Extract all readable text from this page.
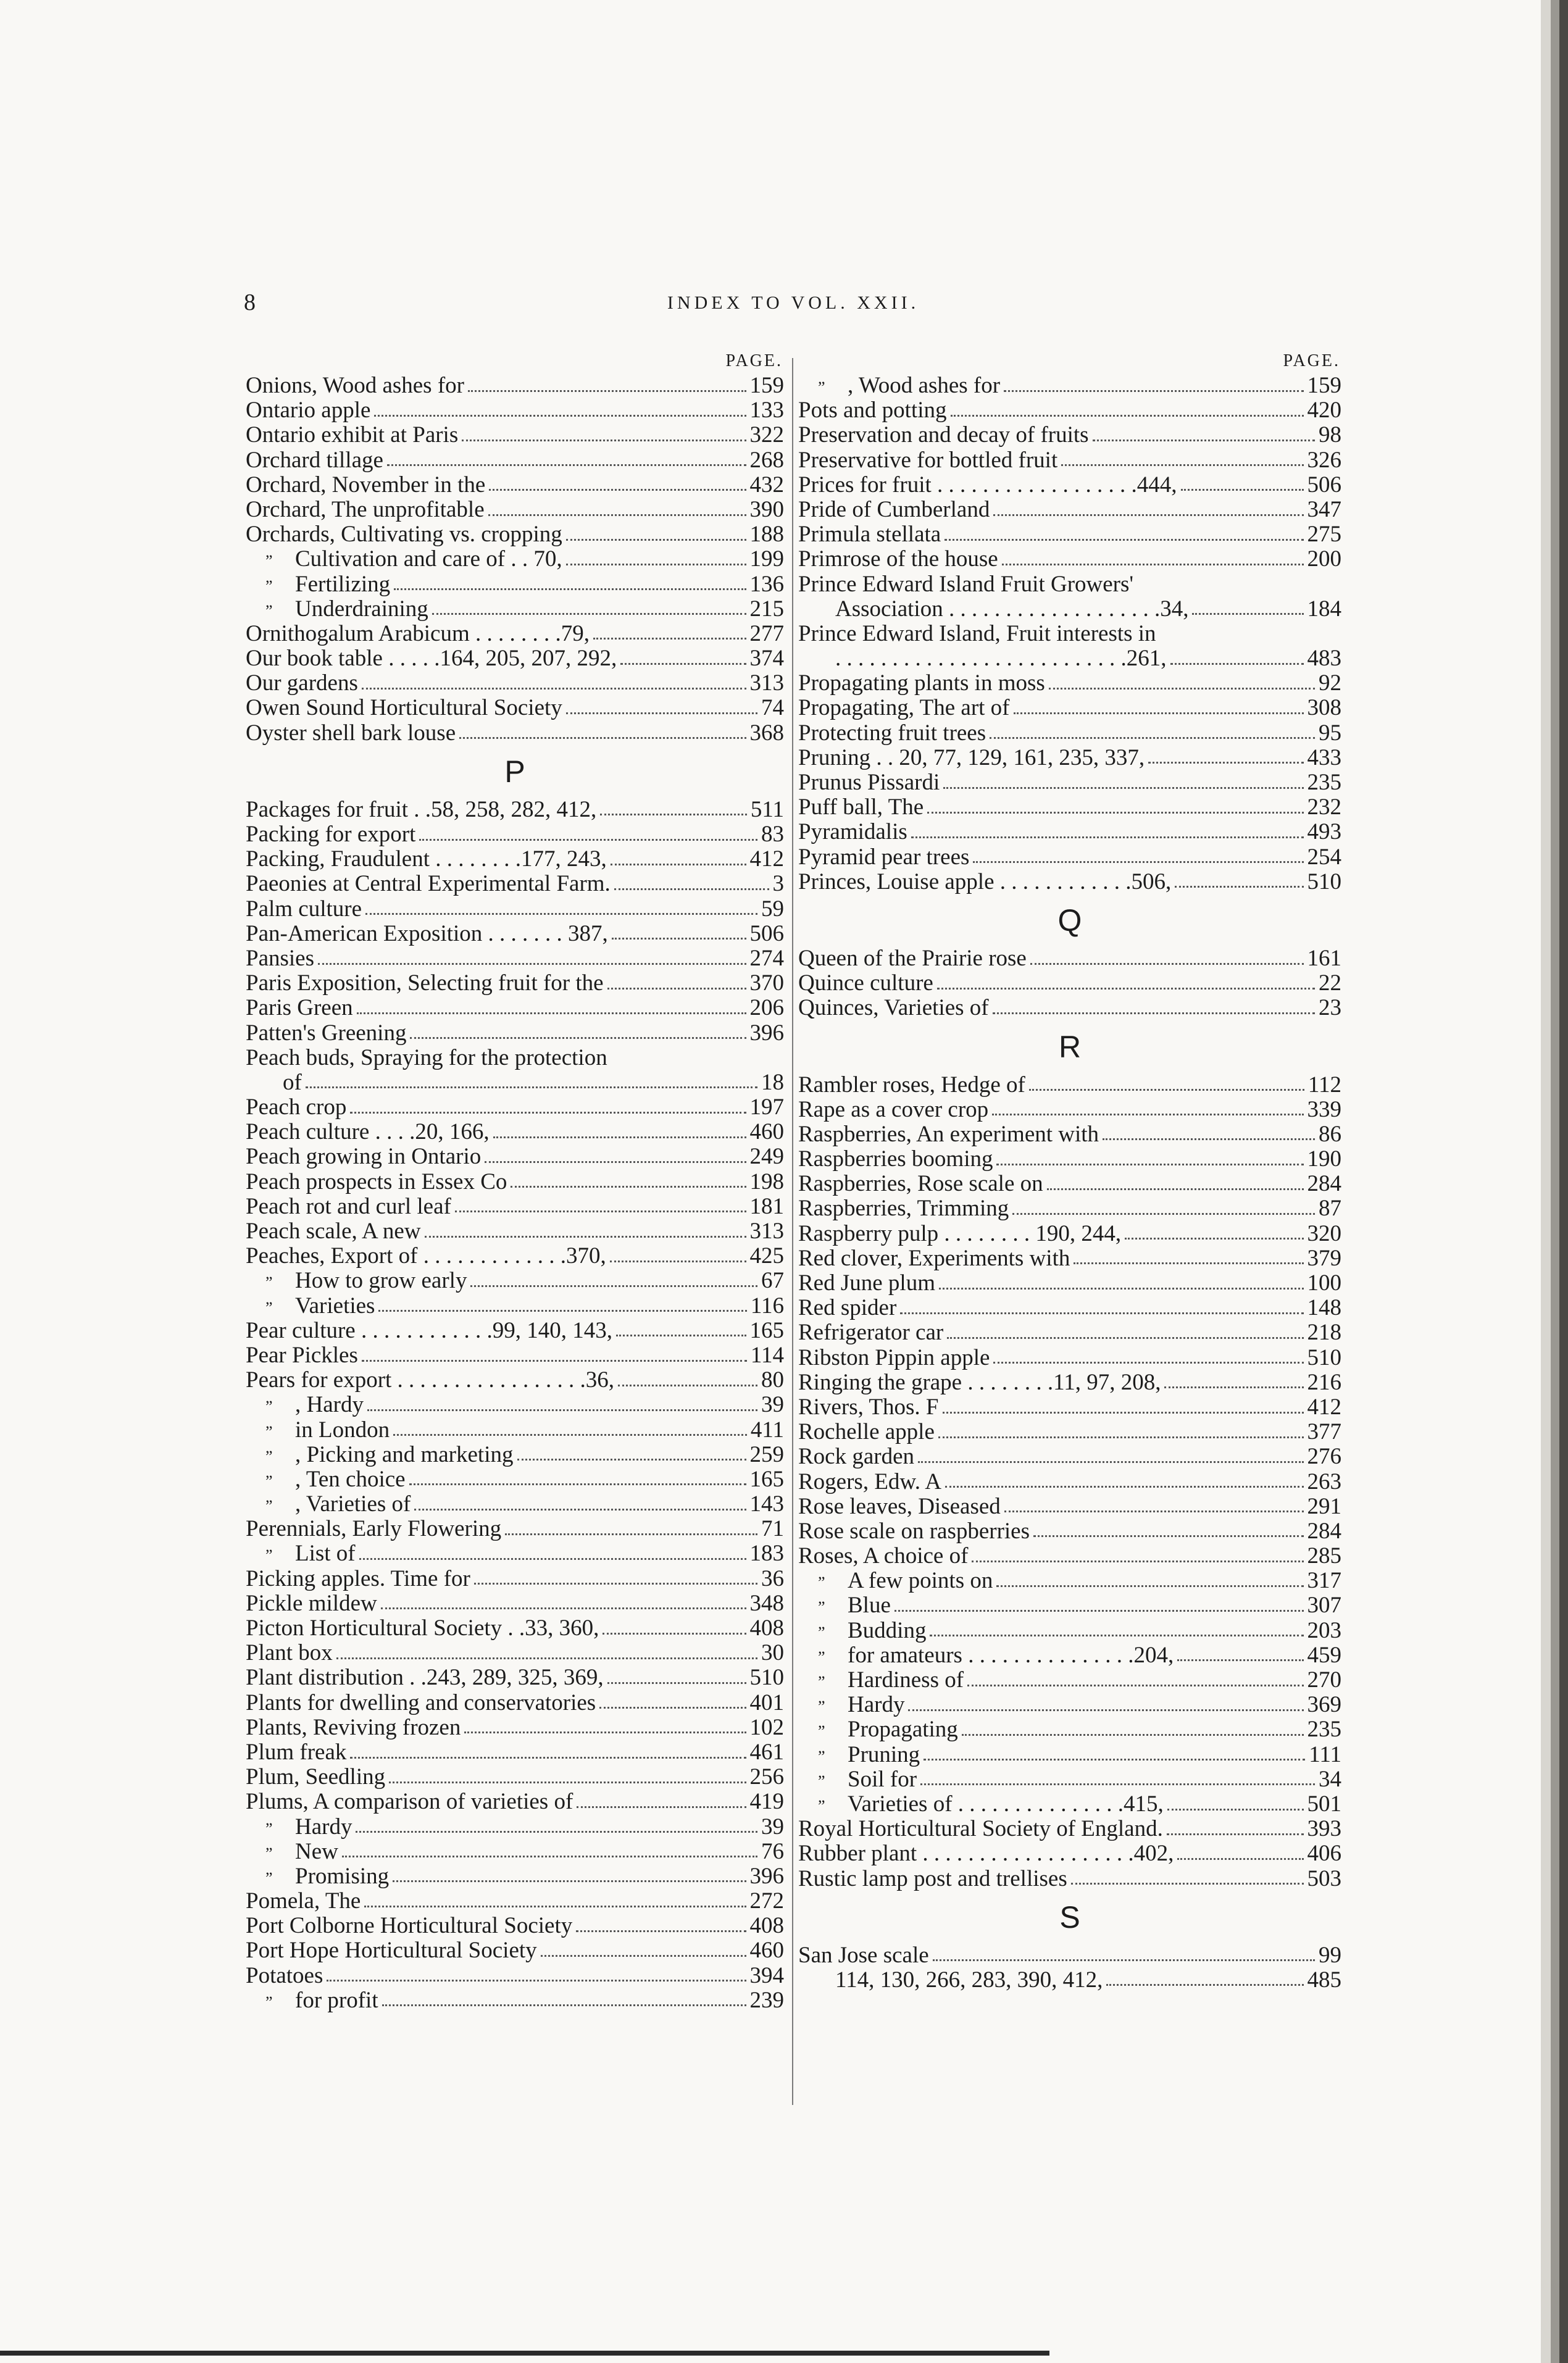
8	INDEX TO VOL. XXII.
PAGE.
Onions, Wood ashes for	159
Ontario apple	133
Ontario exhibit at Paris	322
Orchard tillage	268
Orchard, November in the	432
Orchard, The unprofitable	390
Orchards, Cultivating vs. cropping	188
” Cultivation and care of . . 70,	199
” Fertilizing	136
” Underdraining	215
Ornithogalum Arabicum . . . . . . . .79,	277
Our book table . . . . .164, 205, 207, 292,	374
Our gardens	313
Owen Sound Horticultural Society	74
Oyster shell bark louse	368
P
Packages for fruit . .58, 258, 282, 412,	511
Packing for export	83
Packing, Fraudulent . . . . . . . .177, 243,	412
Paeonies at Central Experimental Farm.	3
Palm culture	59
Pan-American Exposition . . . . . . . 387,	506
Pansies	274
Paris Exposition, Selecting fruit for the	370
Paris Green	206
Patten's Greening	396
Peach buds, Spraying for the protection
of	18
Peach crop	197
Peach culture . . . .20, 166,	460
Peach growing in Ontario	249
Peach prospects in Essex Co	198
Peach rot and curl leaf	181
Peach scale, A new	313
Peaches, Export of . . . . . . . . . . . . .370,	425
” How to grow early	67
” Varieties	116
Pear culture . . . . . . . . . . . .99, 140, 143,	165
Pear Pickles	114
Pears for export . . . . . . . . . . . . . . . . .36,	80
” , Hardy	39
” in London	411
” , Picking and marketing	259
” , Ten choice	165
” , Varieties of	143
Perennials, Early Flowering	71
” List of	183
Picking apples. Time for	36
Pickle mildew	348
Picton Horticultural Society . .33, 360,	408
Plant box	30
Plant distribution . .243, 289, 325, 369,	510
Plants for dwelling and conservatories	401
Plants, Reviving frozen	102
Plum freak	461
Plum, Seedling	256
Plums, A comparison of varieties of	419
” Hardy	39
” New	76
” Promising	396
Pomela, The	272
Port Colborne Horticultural Society	408
Port Hope Horticultural Society	460
Potatoes	394
” for profit	239
PAGE.
” , Wood ashes for	159
Pots and potting	420
Preservation and decay of fruits	98
Preservative for bottled fruit	326
Prices for fruit . . . . . . . . . . . . . . . . . .444,	506
Pride of Cumberland	347
Primula stellata	275
Primrose of the house	200
Prince Edward Island Fruit Growers'
Association . . . . . . . . . . . . . . . . . . .34,	184
Prince Edward Island, Fruit interests in
. . . . . . . . . . . . . . . . . . . . . . . . . .261,	483
Propagating plants in moss	92
Propagating, The art of	308
Protecting fruit trees	95
Pruning . . 20, 77, 129, 161, 235, 337,	433
Prunus Pissardi	235
Puff ball, The	232
Pyramidalis	493
Pyramid pear trees	254
Princes, Louise apple . . . . . . . . . . . .506,	510
Q
Queen of the Prairie rose	161
Quince culture	22
Quinces, Varieties of	23
R
Rambler roses, Hedge of	112
Rape as a cover crop	339
Raspberries, An experiment with	86
Raspberries booming	190
Raspberries, Rose scale on	284
Raspberries, Trimming	87
Raspberry pulp . . . . . . . . 190, 244,	320
Red clover, Experiments with	379
Red June plum	100
Red spider	148
Refrigerator car	218
Ribston Pippin apple	510
Ringing the grape . . . . . . . .11, 97, 208,	216
Rivers, Thos. F	412
Rochelle apple	377
Rock garden	276
Rogers, Edw. A	263
Rose leaves, Diseased	291
Rose scale on raspberries	284
Roses, A choice of	285
” A few points on	317
” Blue	307
” Budding	203
” for amateurs . . . . . . . . . . . . . . .204,	459
” Hardiness of	270
” Hardy	369
” Propagating	235
” Pruning	111
” Soil for	34
” Varieties of . . . . . . . . . . . . . . .415,	501
Royal Horticultural Society of England.	393
Rubber plant . . . . . . . . . . . . . . . . . . .402,	406
Rustic lamp post and trellises	503
S
San Jose scale	99
114, 130, 266, 283, 390, 412,	485
